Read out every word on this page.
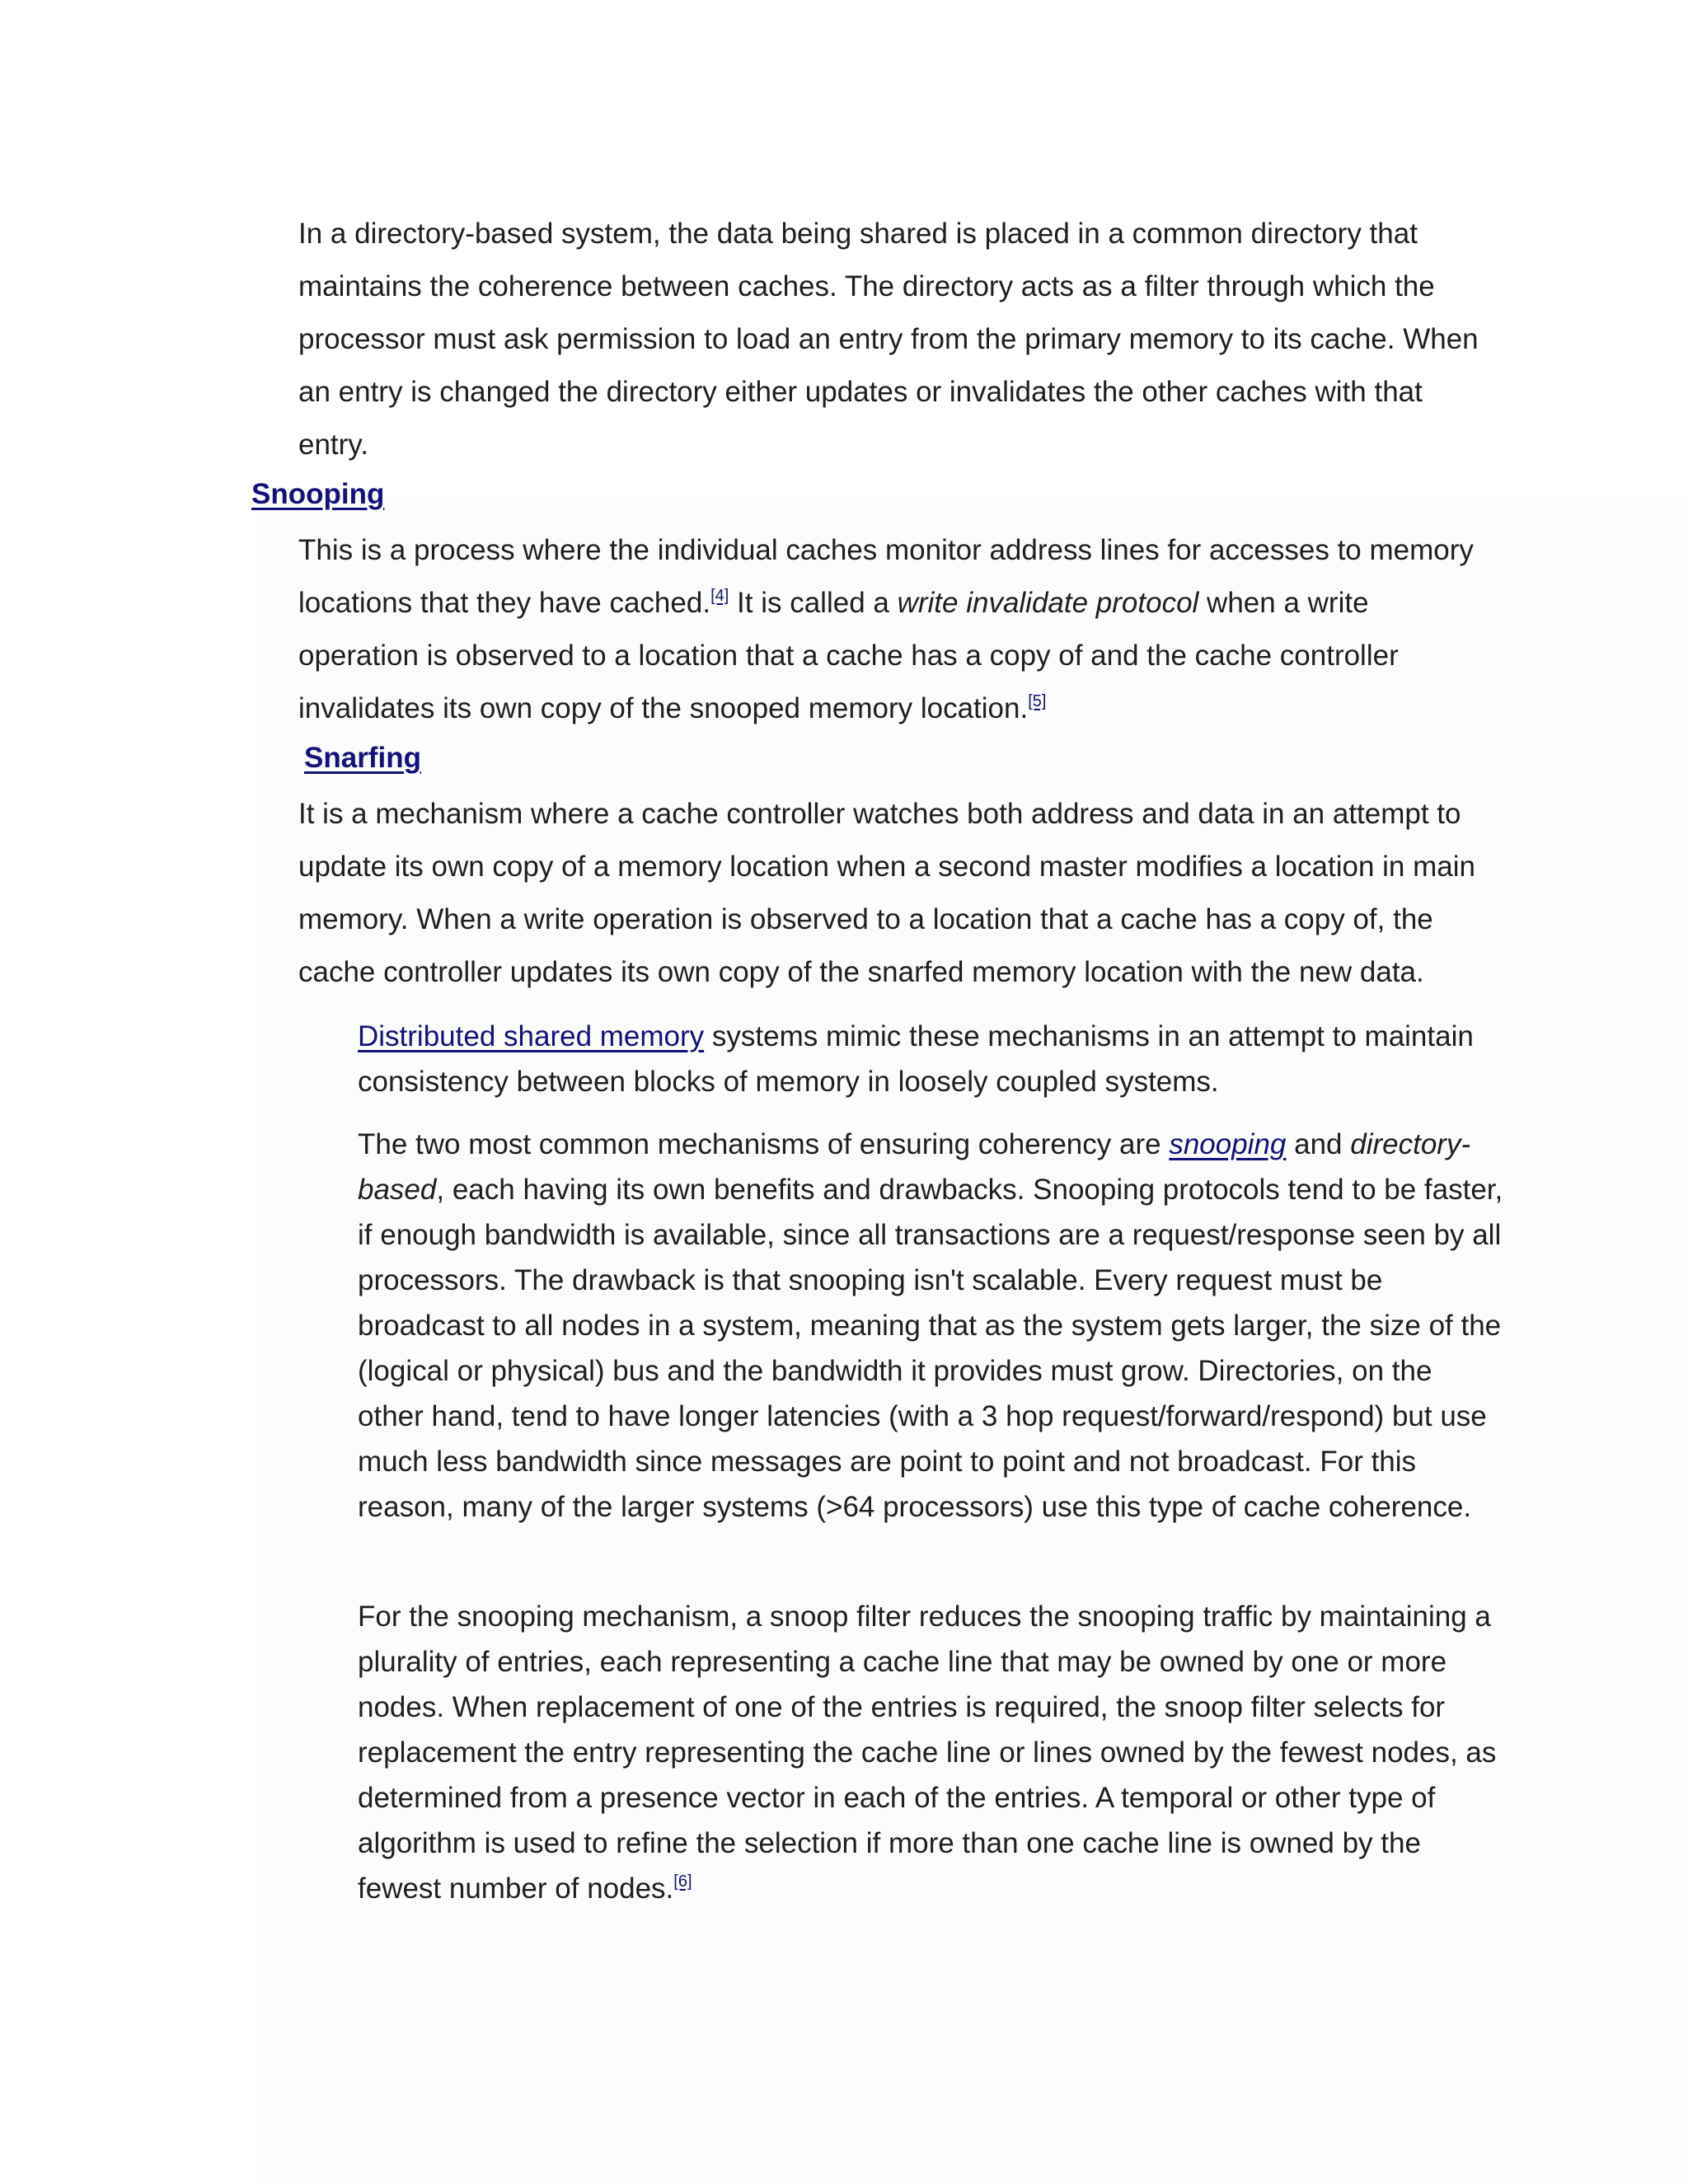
In a directory-based system, the data being shared is placed in a common directory that maintains the coherence between caches. The directory acts as a filter through which the processor must ask permission to load an entry from the primary memory to its cache. When an entry is changed the directory either updates or invalidates the other caches with that entry.

Snooping

This is a process where the individual caches monitor address lines for accesses to memory locations that they have cached.[4] It is called a write invalidate protocol when a write operation is observed to a location that a cache has a copy of and the cache controller invalidates its own copy of the snooped memory location.[5]

Snarfing

It is a mechanism where a cache controller watches both address and data in an attempt to update its own copy of a memory location when a second master modifies a location in main memory. When a write operation is observed to a location that a cache has a copy of, the cache controller updates its own copy of the snarfed memory location with the new data.

Distributed shared memory systems mimic these mechanisms in an attempt to maintain consistency between blocks of memory in loosely coupled systems.

The two most common mechanisms of ensuring coherency are snooping and directory-based, each having its own benefits and drawbacks. Snooping protocols tend to be faster, if enough bandwidth is available, since all transactions are a request/response seen by all processors. The drawback is that snooping isn't scalable. Every request must be broadcast to all nodes in a system, meaning that as the system gets larger, the size of the (logical or physical) bus and the bandwidth it provides must grow. Directories, on the other hand, tend to have longer latencies (with a 3 hop request/forward/respond) but use much less bandwidth since messages are point to point and not broadcast. For this reason, many of the larger systems (>64 processors) use this type of cache coherence.

For the snooping mechanism, a snoop filter reduces the snooping traffic by maintaining a plurality of entries, each representing a cache line that may be owned by one or more nodes. When replacement of one of the entries is required, the snoop filter selects for replacement the entry representing the cache line or lines owned by the fewest nodes, as determined from a presence vector in each of the entries. A temporal or other type of algorithm is used to refine the selection if more than one cache line is owned by the fewest number of nodes.[6]
